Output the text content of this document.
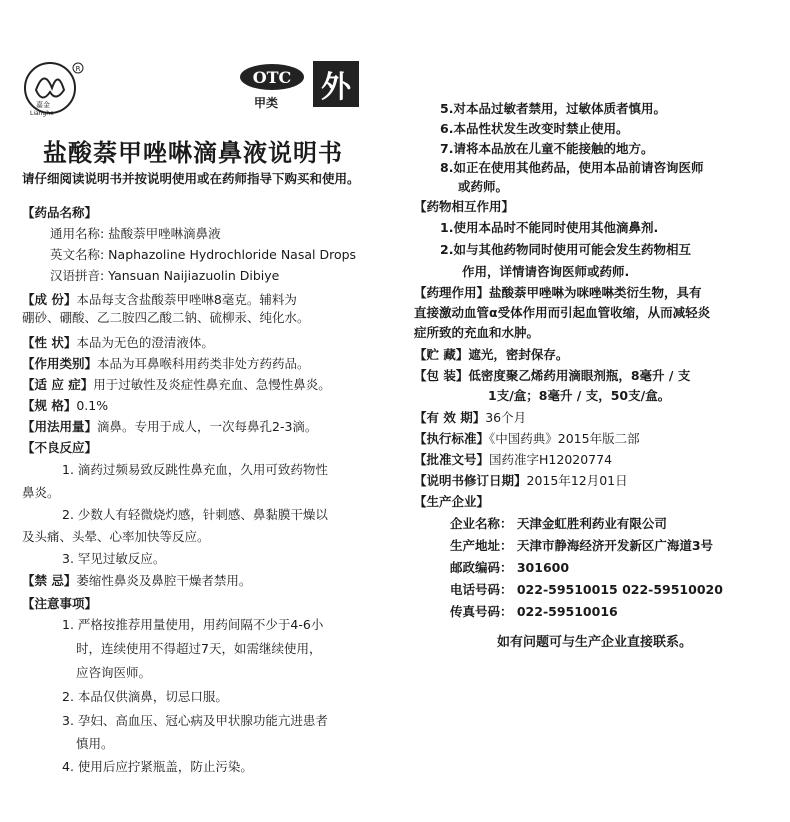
R
嘉金
Lianghe
OTC
甲类 外
盐酸萘甲唑啉滴鼻液说明书
请仔细阅读说明书并按说明使用或在药师指导下购买和使用。
【药品名称】
通用名称: 盐酸萘甲唑啉滴鼻液
英文名称: Naphazoline Hydrochloride Nasal Drops
汉语拼音: Yansuan Naijiazuolin Dibiye
【成 份】本品每支含盐酸萘甲唑啉8毫克。辅料为
硼砂、硼酸、乙二胺四乙酸二钠、硫柳汞、纯化水。
【性 状】本品为无色的澄清液体。
【作用类别】本品为耳鼻喉科用药类非处方药药品。
【适 应 症】用于过敏性及炎症性鼻充血、急慢性鼻炎。
【规 格】0.1%
【用法用量】滴鼻。专用于成人，一次每鼻孔2-3滴。
【不良反应】
1. 滴药过频易致反跳性鼻充血，久用可致药物性
鼻炎。
2. 少数人有轻微烧灼感，针刺感、鼻黏膜干燥以
及头痛、头晕、心率加快等反应。
3. 罕见过敏反应。
【禁 忌】萎缩性鼻炎及鼻腔干燥者禁用。
【注意事项】
1. 严格按推荐用量使用，用药间隔不少于4-6小
时，连续使用不得超过7天，如需继续使用，
应咨询医师。
2. 本品仅供滴鼻，切忌口服。
3. 孕妇、高血压、冠心病及甲状腺功能亢进患者
慎用。
4. 使用后应拧紧瓶盖，防止污染。
5.对本品过敏者禁用，过敏体质者慎用。
6.本品性状发生改变时禁止使用。
7.请将本品放在儿童不能接触的地方。
8.如正在使用其他药品，使用本品前请咨询医师
或药师。
【药物相互作用】
1.使用本品时不能同时使用其他滴鼻剂.
2.如与其他药物同时使用可能会发生药物相互
作用，详情请咨询医师或药师.
【药理作用】盐酸萘甲唑啉为咪唑啉类衍生物，具有
直接激动血管α受体作用而引起血管收缩，从而减轻炎
症所致的充血和水肿。
【贮 藏】遮光，密封保存。
【包 装】低密度聚乙烯药用滴眼剂瓶，8毫升 / 支
1支/盒；8毫升 / 支，50支/盒。
【有 效 期】36个月
【执行标准】《中国药典》2015年版二部
【批准文号】国药准字H12020774
【说明书修订日期】2015年12月01日
【生产企业】
企业名称： 天津金虹胜利药业有限公司
生产地址： 天津市静海经济开发新区广海道3号
邮政编码： 301600
电话号码： 022-59510015 022-59510020
传真号码： 022-59510016
如有问题可与生产企业直接联系。
